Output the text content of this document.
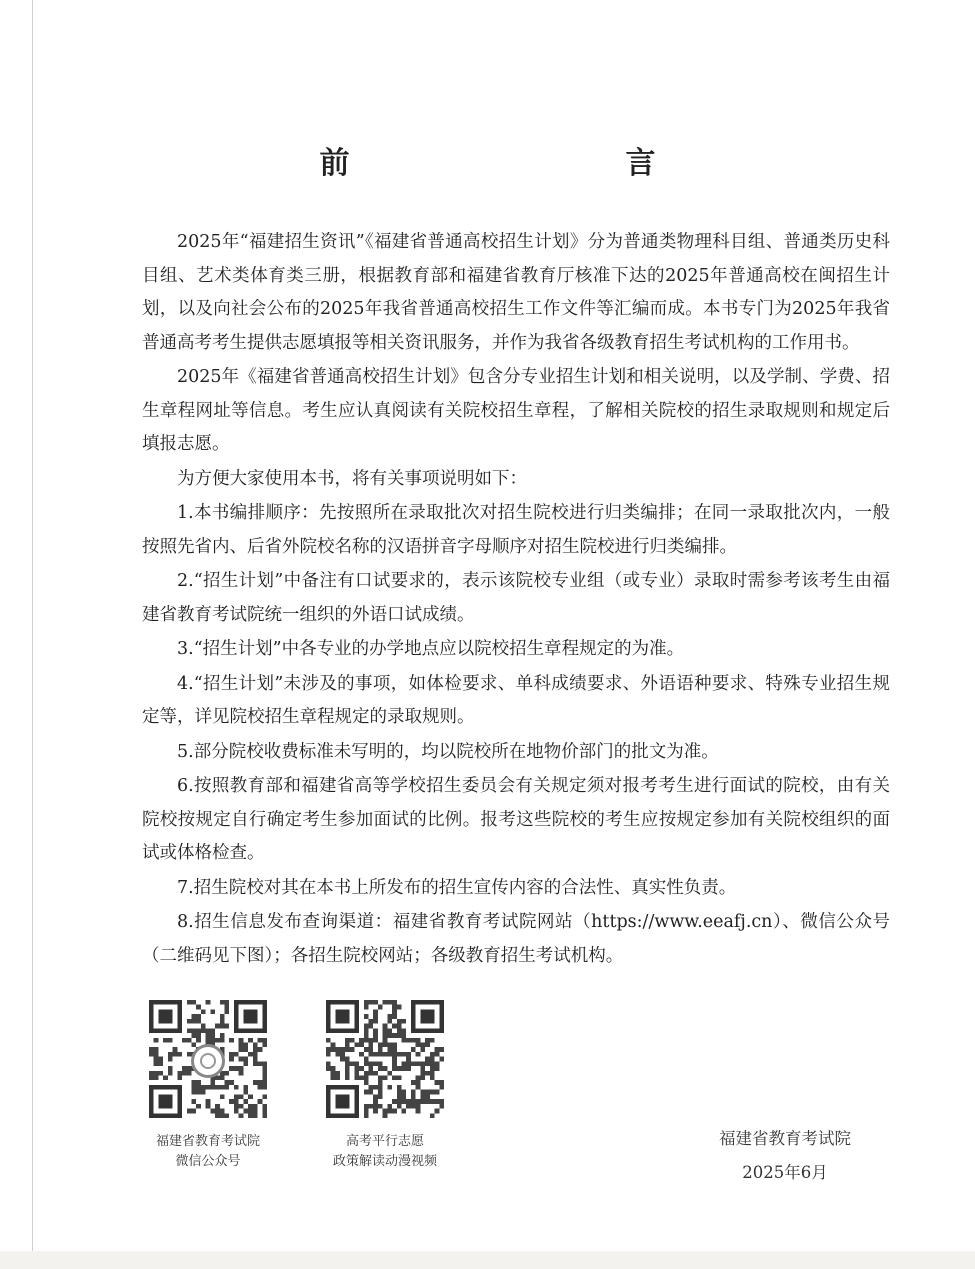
前　　言

2025年“福建招生资讯”《福建省普通高校招生计划》分为普通类物理科目组、普通类历史科目组、艺术类体育类三册，根据教育部和福建省教育厅核准下达的2025年普通高校在闽招生计划，以及向社会公布的2025年我省普通高校招生工作文件等汇编而成。本书专门为2025年我省普通高考考生提供志愿填报等相关资讯服务，并作为我省各级教育招生考试机构的工作用书。

2025年《福建省普通高校招生计划》包含分专业招生计划和相关说明，以及学制、学费、招生章程网址等信息。考生应认真阅读有关院校招生章程，了解相关院校的招生录取规则和规定后填报志愿。

为方便大家使用本书，将有关事项说明如下：

1.本书编排顺序：先按照所在录取批次对招生院校进行归类编排；在同一录取批次内，一般按照先省内、后省外院校名称的汉语拼音字母顺序对招生院校进行归类编排。

2.“招生计划”中备注有口试要求的，表示该院校专业组（或专业）录取时需参考该考生由福建省教育考试院统一组织的外语口试成绩。

3.“招生计划”中各专业的办学地点应以院校招生章程规定的为准。

4.“招生计划”未涉及的事项，如体检要求、单科成绩要求、外语语种要求、特殊专业招生规定等，详见院校招生章程规定的录取规则。

5.部分院校收费标准未写明的，均以院校所在地物价部门的批文为准。

6.按照教育部和福建省高等学校招生委员会有关规定须对报考考生进行面试的院校，由有关院校按规定自行确定考生参加面试的比例。报考这些院校的考生应按规定参加有关院校组织的面试或体格检查。

7.招生院校对其在本书上所发布的招生宣传内容的合法性、真实性负责。

8.招生信息发布查询渠道：福建省教育考试院网站（https://www.eeafj.cn）、微信公众号（二维码见下图）；各招生院校网站；各级教育招生考试机构。

福建省教育考试院
微信公众号
高考平行志愿
政策解读动漫视频
福建省教育考试院
2025年6月
